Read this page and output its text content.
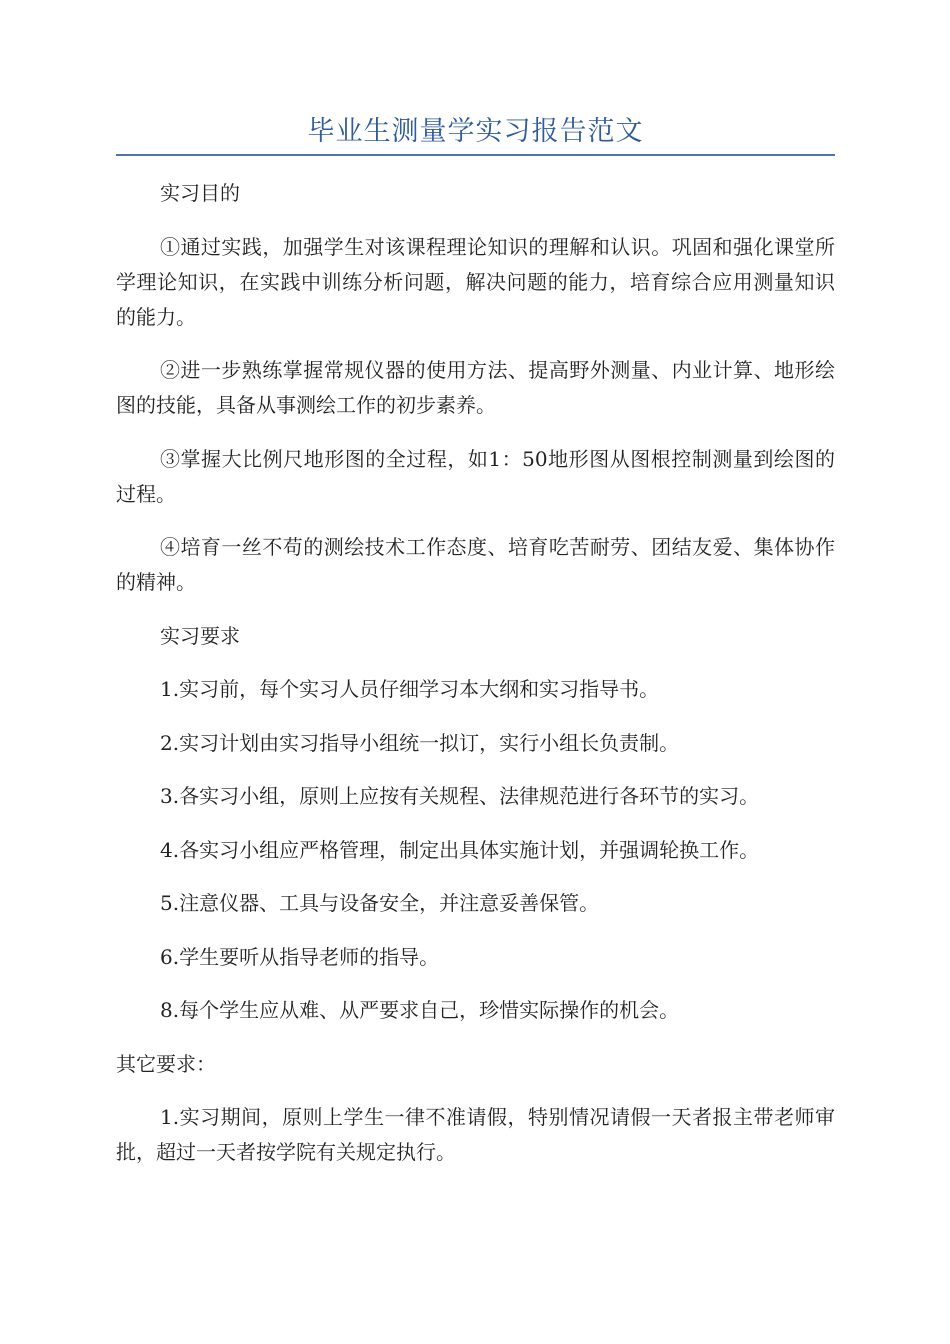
毕业生测量学实习报告范文

实习目的

①通过实践，加强学生对该课程理论知识的理解和认识。巩固和强化课堂所学理论知识，在实践中训练分析问题，解决问题的能力，培育综合应用测量知识的能力。

②进一步熟练掌握常规仪器的使用方法、提高野外测量、内业计算、地形绘图的技能，具备从事测绘工作的初步素养。

③掌握大比例尺地形图的全过程，如1：50地形图从图根控制测量到绘图的过程。

④培育一丝不苟的测绘技术工作态度、培育吃苦耐劳、团结友爱、集体协作的精神。

实习要求

1.实习前，每个实习人员仔细学习本大纲和实习指导书。

2.实习计划由实习指导小组统一拟订，实行小组长负责制。

3.各实习小组，原则上应按有关规程、法律规范进行各环节的实习。

4.各实习小组应严格管理，制定出具体实施计划，并强调轮换工作。

5.注意仪器、工具与设备安全，并注意妥善保管。

6.学生要听从指导老师的指导。

8.每个学生应从难、从严要求自己，珍惜实际操作的机会。

其它要求：

1.实习期间，原则上学生一律不准请假，特别情况请假一天者报主带老师审批，超过一天者按学院有关规定执行。
